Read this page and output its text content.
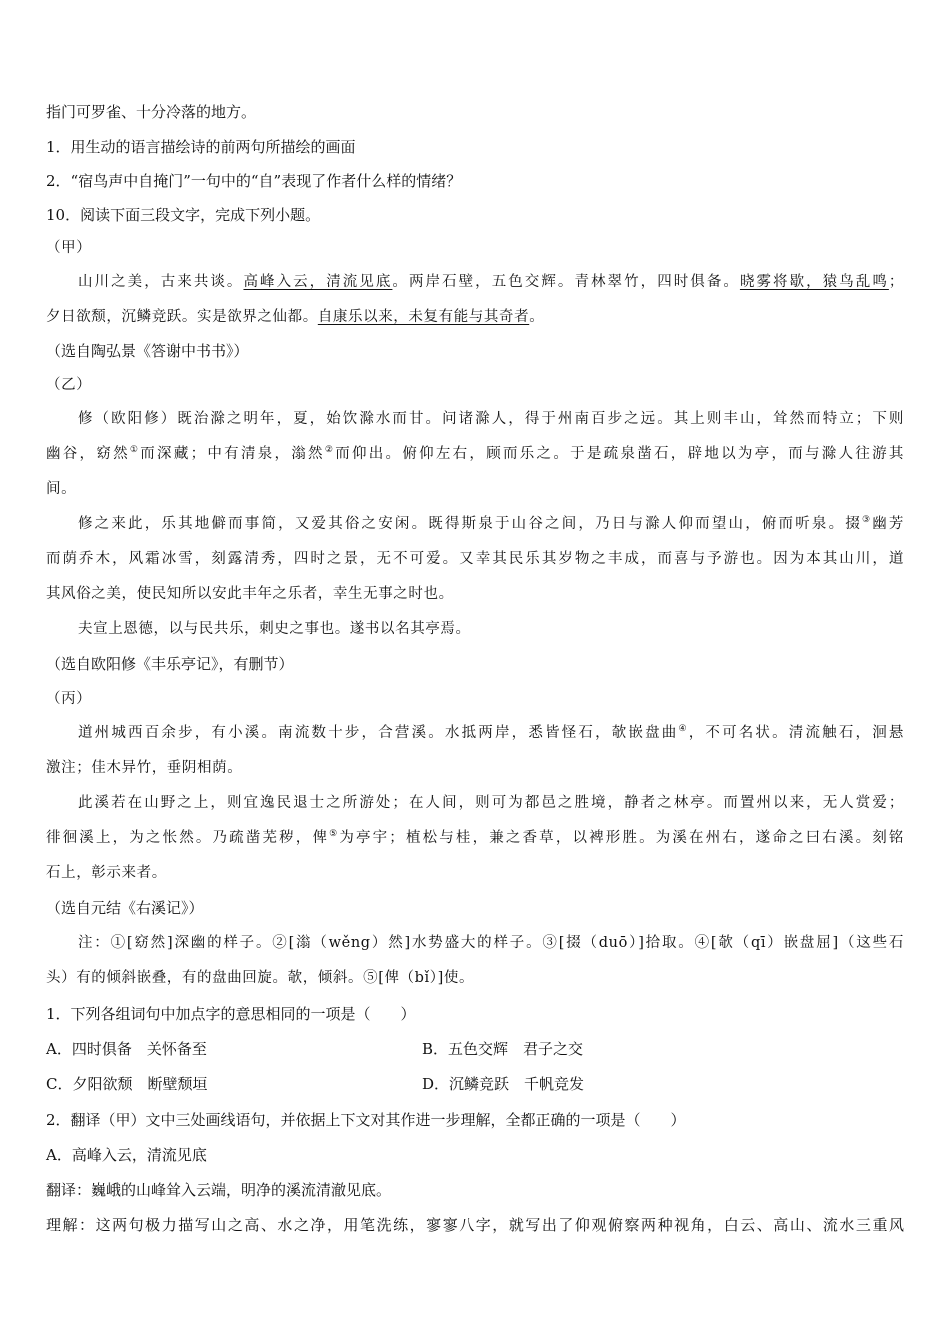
指门可罗雀、十分冷落的地方。
1．用生动的语言描绘诗的前两句所描绘的画面
2．“宿鸟声中自掩门”一句中的“自”表现了作者什么样的情绪？
10．阅读下面三段文字，完成下列小题。
（甲）
山川之美，古来共谈。高峰入云，清流见底。两岸石壁，五色交辉。青林翠竹，四时俱备。晓雾将歇，猿鸟乱鸣；
夕日欲颓，沉鳞竞跃。实是欲界之仙都。自康乐以来，未复有能与其奇者。
（选自陶弘景《答谢中书书》）
（乙）
修（欧阳修）既治滁之明年，夏，始饮滁水而甘。问诸滁人，得于州南百步之远。其上则丰山，耸然而特立；下则
幽谷，窈然①而深藏；中有清泉，滃然②而仰出。俯仰左右，顾而乐之。于是疏泉凿石，辟地以为亭，而与滁人往游其
间。
修之来此，乐其地僻而事简，又爱其俗之安闲。既得斯泉于山谷之间，乃日与滁人仰而望山，俯而听泉。掇③幽芳
而荫乔木，风霜冰雪，刻露清秀，四时之景，无不可爱。又幸其民乐其岁物之丰成，而喜与予游也。因为本其山川，道
其风俗之美，使民知所以安此丰年之乐者，幸生无事之时也。
夫宣上恩德，以与民共乐，刺史之事也。遂书以名其亭焉。
（选自欧阳修《丰乐亭记》，有删节）
（丙）
道州城西百余步，有小溪。南流数十步，合营溪。水抵两岸，悉皆怪石，欹嵌盘曲④，不可名状。清流触石，洄悬
激注；佳木异竹，垂阴相荫。
此溪若在山野之上，则宜逸民退士之所游处；在人间，则可为都邑之胜境，静者之林亭。而置州以来，无人赏爱；
徘徊溪上，为之怅然。乃疏凿芜秽，俾⑤为亭宇；植松与桂，兼之香草，以裨形胜。为溪在州右，遂命之曰右溪。刻铭
石上，彰示来者。
（选自元结《右溪记》）
注：①[窈然]深幽的样子。②[滃（wěng）然]水势盛大的样子。③[掇（duō）]拾取。④[欹（qī）嵌盘屈]（这些石
头）有的倾斜嵌叠，有的盘曲回旋。欹，倾斜。⑤[俾（bǐ）]使。
1．下列各组词句中加点字的意思相同的一项是（　　）
A．四时俱备　关怀备至	B．五色交辉　君子之交
C．夕阳欲颓　断壁颓垣	D．沉鳞竞跃　千帆竞发
2．翻译（甲）文中三处画线语句，并依据上下文对其作进一步理解，全都正确的一项是（　　）
A．高峰入云，清流见底
翻译：巍峨的山峰耸入云端，明净的溪流清澈见底。
理解：这两句极力描写山之高、水之净，用笔洗练，寥寥八字，就写出了仰观俯察两种视角，白云、高山、流水三重风
